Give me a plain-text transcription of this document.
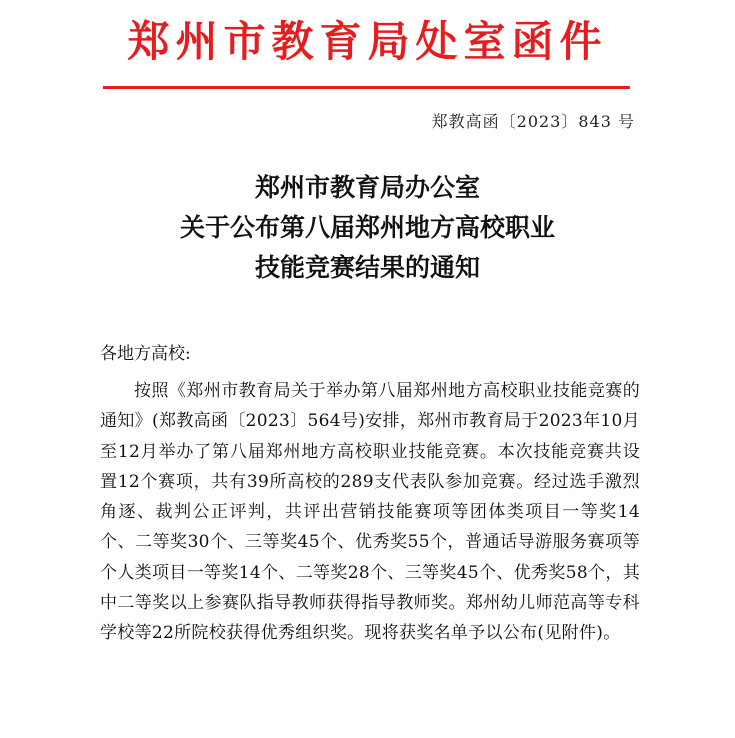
郑州市教育局处室函件
郑教高函〔2023〕843 号
郑州市教育局办公室
关于公布第八届郑州地方高校职业
技能竞赛结果的通知
各地方高校:
按照《郑州市教育局关于举办第八届郑州地方高校职业技能竞赛的通知》(郑教高函〔2023〕564号)安排，郑州市教育局于2023年10月至12月举办了第八届郑州地方高校职业技能竞赛。本次技能竞赛共设置12个赛项，共有39所高校的289支代表队参加竞赛。经过选手激烈角逐、裁判公正评判，共评出营销技能赛项等团体类项目一等奖14个、二等奖30个、三等奖45个、优秀奖55个，普通话导游服务赛项等个人类项目一等奖14个、二等奖28个、三等奖45个、优秀奖58个，其中二等奖以上参赛队指导教师获得指导教师奖。郑州幼儿师范高等专科学校等22所院校获得优秀组织奖。现将获奖名单予以公布(见附件)。
